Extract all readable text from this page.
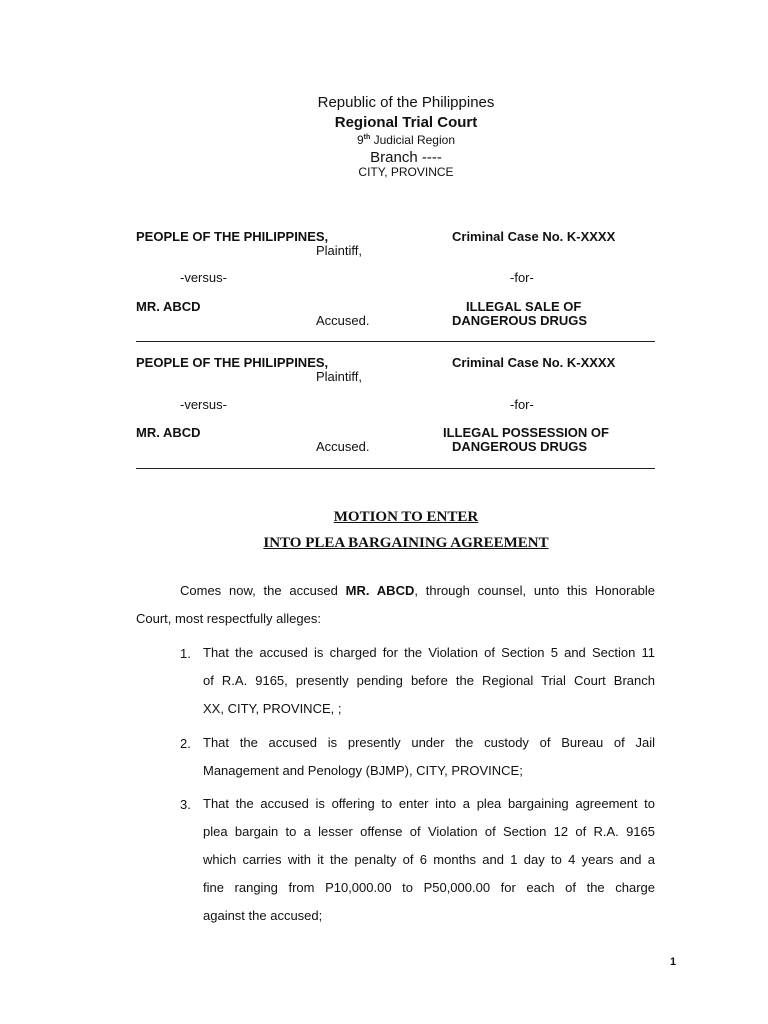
Republic of the Philippines
Regional Trial Court
9th Judicial Region
Branch ----
CITY, PROVINCE
PEOPLE OF THE PHILIPPINES,	Criminal Case No. K-XXXX
Plaintiff,
-versus-	-for-
MR. ABCD	ILLEGAL SALE OF
Accused.	DANGEROUS DRUGS
PEOPLE OF THE PHILIPPINES,	Criminal Case No. K-XXXX
Plaintiff,
-versus-	-for-
MR. ABCD	ILLEGAL POSSESSION OF
Accused.	DANGEROUS DRUGS
MOTION TO ENTER
INTO PLEA BARGAINING AGREEMENT
Comes now, the accused MR. ABCD, through counsel, unto this Honorable
Court, most respectfully alleges:
1. That the accused is charged for the Violation of Section 5 and Section 11
of R.A. 9165, presently pending before the Regional Trial Court Branch
XX, CITY, PROVINCE, ;
2. That the accused is presently under the custody of Bureau of Jail
Management and Penology (BJMP), CITY, PROVINCE;
3. That the accused is offering to enter into a plea bargaining agreement to
plea bargain to a lesser offense of Violation of Section 12 of R.A. 9165
which carries with it the penalty of 6 months and 1 day to 4 years and a
fine ranging from P10,000.00 to P50,000.00 for each of the charge
against the accused;
1
